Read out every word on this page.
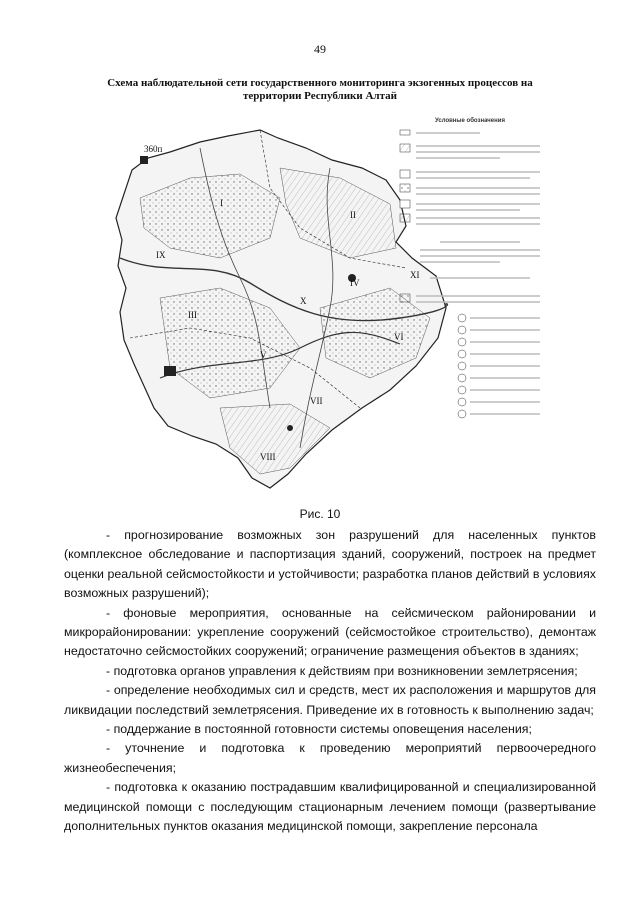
49
Схема наблюдательной сети государственного мониторинга экзогенных процессов на
территории Республики Алтай
360п
I
II
III
IV
V
VI
VII
VIII
IX
X
XI
Условные обозначения
Рис. 10

- прогнозирование возможных зон разрушений для населенных пунктов (комплексное обследование и паспортизация зданий, сооружений, построек на предмет оценки реальной сейсмостойкости и устойчивости; разработка планов действий в условиях возможных разрушений);

- фоновые мероприятия, основанные на сейсмическом районировании и микрорайонировании: укрепление сооружений (сейсмостойкое строительство), демонтаж недостаточно сейсмостойких сооружений; ограничение размещения объектов в зданиях;

- подготовка органов управления к действиям при возникновении землетрясения;

- определение необходимых сил и средств, мест их расположения и маршрутов для ликвидации последствий землетрясения. Приведение их в готовность к выполнению задач;

- поддержание в постоянной готовности системы оповещения населения;

- уточнение и подготовка к проведению мероприятий первоочередного жизнеобеспечения;

- подготовка к оказанию пострадавшим квалифицированной и специализированной медицинской помощи с последующим стационарным лечением помощи (развертывание дополнительных пунктов оказания медицинской помощи, закрепление персонала
